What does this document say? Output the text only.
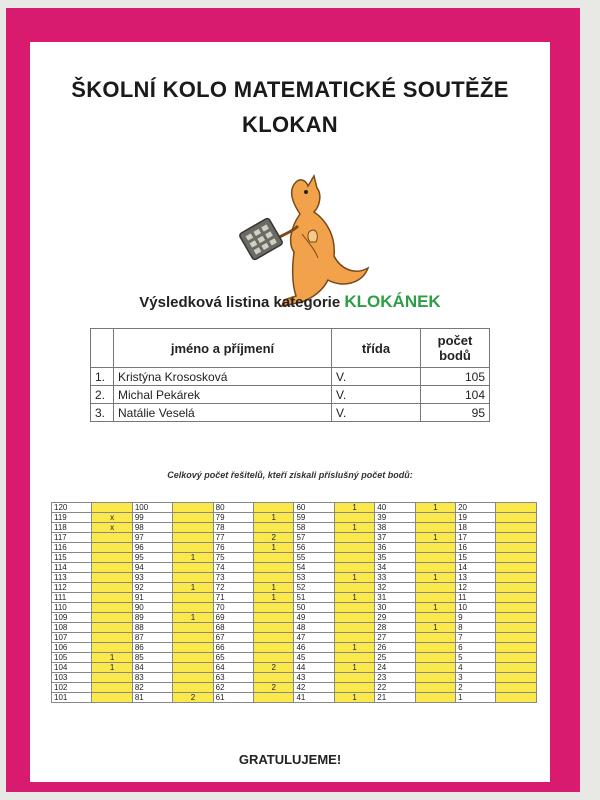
ŠKOLNÍ KOLO MATEMATICKÉ SOUTĚŽE
KLOKAN
Výsledková listina kategorie KLOKÁNEK
	jméno a příjmení	třída	počet
bodů
1.	Kristýna Krososková	V.	105
2.	Michal Pekárek	V.	104
3.	Natálie Veselá	V.	95
Celkový počet řešitelů, kteří získali příslušný počet bodů:
120		100		80		60	1	40	1	20	
119	x	99		79	1	59		39		19	
118	x	98		78		58	1	38		18	
117		97		77	2	57		37	1	17	
116		96		76	1	56		36		16	
115		95	1	75		55		35		15	
114		94		74		54		34		14	
113		93		73		53	1	33	1	13	
112		92	1	72	1	52		32		12	
111		91		71	1	51	1	31		11	
110		90		70		50		30	1	10	
109		89	1	69		49		29		9	
108		88		68		48		28	1	8	
107		87		67		47		27		7	
106		86		66		46	1	26		6	
105	1	85		65		45		25		5	
104	1	84		64	2	44	1	24		4	
103		83		63		43		23		3	
102		82		62	2	42		22		2	
101		81	2	61		41	1	21		1	
GRATULUJEME!
